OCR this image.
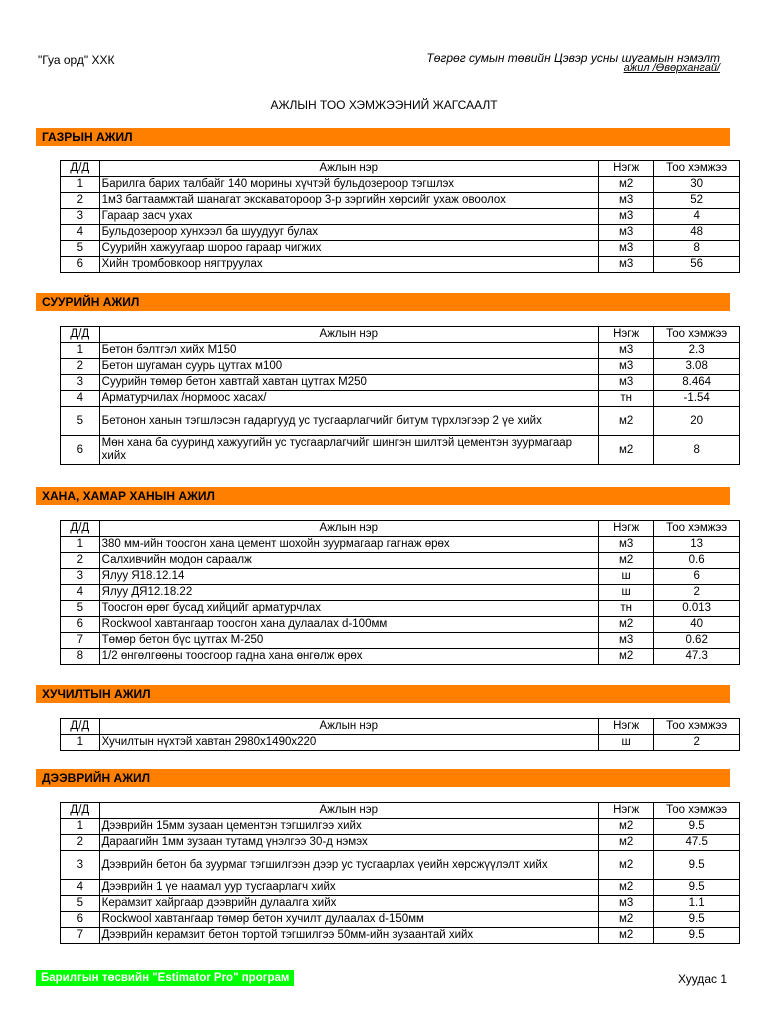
"Гуа орд" ХХК	Төгрөг сумын төвийн Цэвэр усны шугамын нэмэлт
ажил /Өвөрхангай/
АЖЛЫН ТОО ХЭМЖЭЭНИЙ ЖАГСААЛТ
ГАЗРЫН АЖИЛ
Д/Д	Ажлын нэр	Нэгж	Тоо хэмжээ
1	Барилга барих талбайг 140 морины хүчтэй бульдозероор тэгшлэх	м2	30
2	1м3 багтаамжтай шанагат экскаватороор 3-р зэргийн хөрсийг ухаж овоолох	м3	52
3	Гараар засч ухах	м3	4
4	Бульдозероор хунхээл ба шуудууг булах	м3	48
5	Суурийн хажуугаар шороо гараар чигжих	м3	8
6	Хийн тромбовкоор нягтруулах	м3	56
СУУРИЙН АЖИЛ
Д/Д	Ажлын нэр	Нэгж	Тоо хэмжээ
1	Бетон бэлтгэл хийх М150	м3	2.3
2	Бетон шугаман суурь цутгах м100	м3	3.08
3	Суурийн төмөр бетон хавтгай хавтан цутгах М250	м3	8.464
4	Арматурчилах /нормоос хасах/	тн	-1.54
5	Бетонон ханын тэгшлэсэн гадаргууд ус тусгаарлагчийг битум түрхлэгээр 2 үе хийх	м2	20
6	Мөн хана ба сууринд хажуугийн ус тусгаарлагчийг шингэн шилтэй цементэн зуурмагаар хийх	м2	8
ХАНА, ХАМАР ХАНЫН АЖИЛ
Д/Д	Ажлын нэр	Нэгж	Тоо хэмжээ
1	380 мм-ийн тоосгон хана цемент шохойн зуурмагаар гагнаж өрөх	м3	13
2	Салхивчийн модон сараалж	м2	0.6
3	Ялуу Я18.12.14	ш	6
4	Ялуу ДЯ12.18.22	ш	2
5	Тоосгон өрөг бусад хийцийг арматурчлах	тн	0.013
6	Rockwool хавтангаар тоосгон хана дулаалах d-100мм	м2	40
7	Төмөр бетон бүс цутгах М-250	м3	0.62
8	1/2 өнгөлгөөны тоосгоор гадна хана өнгөлж өрөх	м2	47.3
ХУЧИЛТЫН АЖИЛ
Д/Д	Ажлын нэр	Нэгж	Тоо хэмжээ
1	Хучилтын нүхтэй хавтан 2980х1490х220	ш	2
ДЭЭВРИЙН АЖИЛ
Д/Д	Ажлын нэр	Нэгж	Тоо хэмжээ
1	Дээврийн 15мм зузаан цементэн тэгшилгээ хийх	м2	9.5
2	Дараагийн 1мм зузаан тутамд үнэлгээ 30-д нэмэх	м2	47.5
3	Дээврийн бетон ба зуурмаг тэгшилгээн дээр ус тусгаарлах үеийн хөрсжүүлэлт хийх	м2	9.5
4	Дээврийн 1 үе наамал уур тусгаарлагч хийх	м2	9.5
5	Керамзит хайргаар дээврийн дулаалга хийх	м3	1.1
6	Rockwool хавтангаар төмөр бетон хучилт дулаалах d-150мм	м2	9.5
7	Дээврийн керамзит бетон тортой тэгшилгээ 50мм-ийн зузаантай хийх	м2	9.5
Барилгын төсвийн "Estimator Pro" програм	Хуудас 1
